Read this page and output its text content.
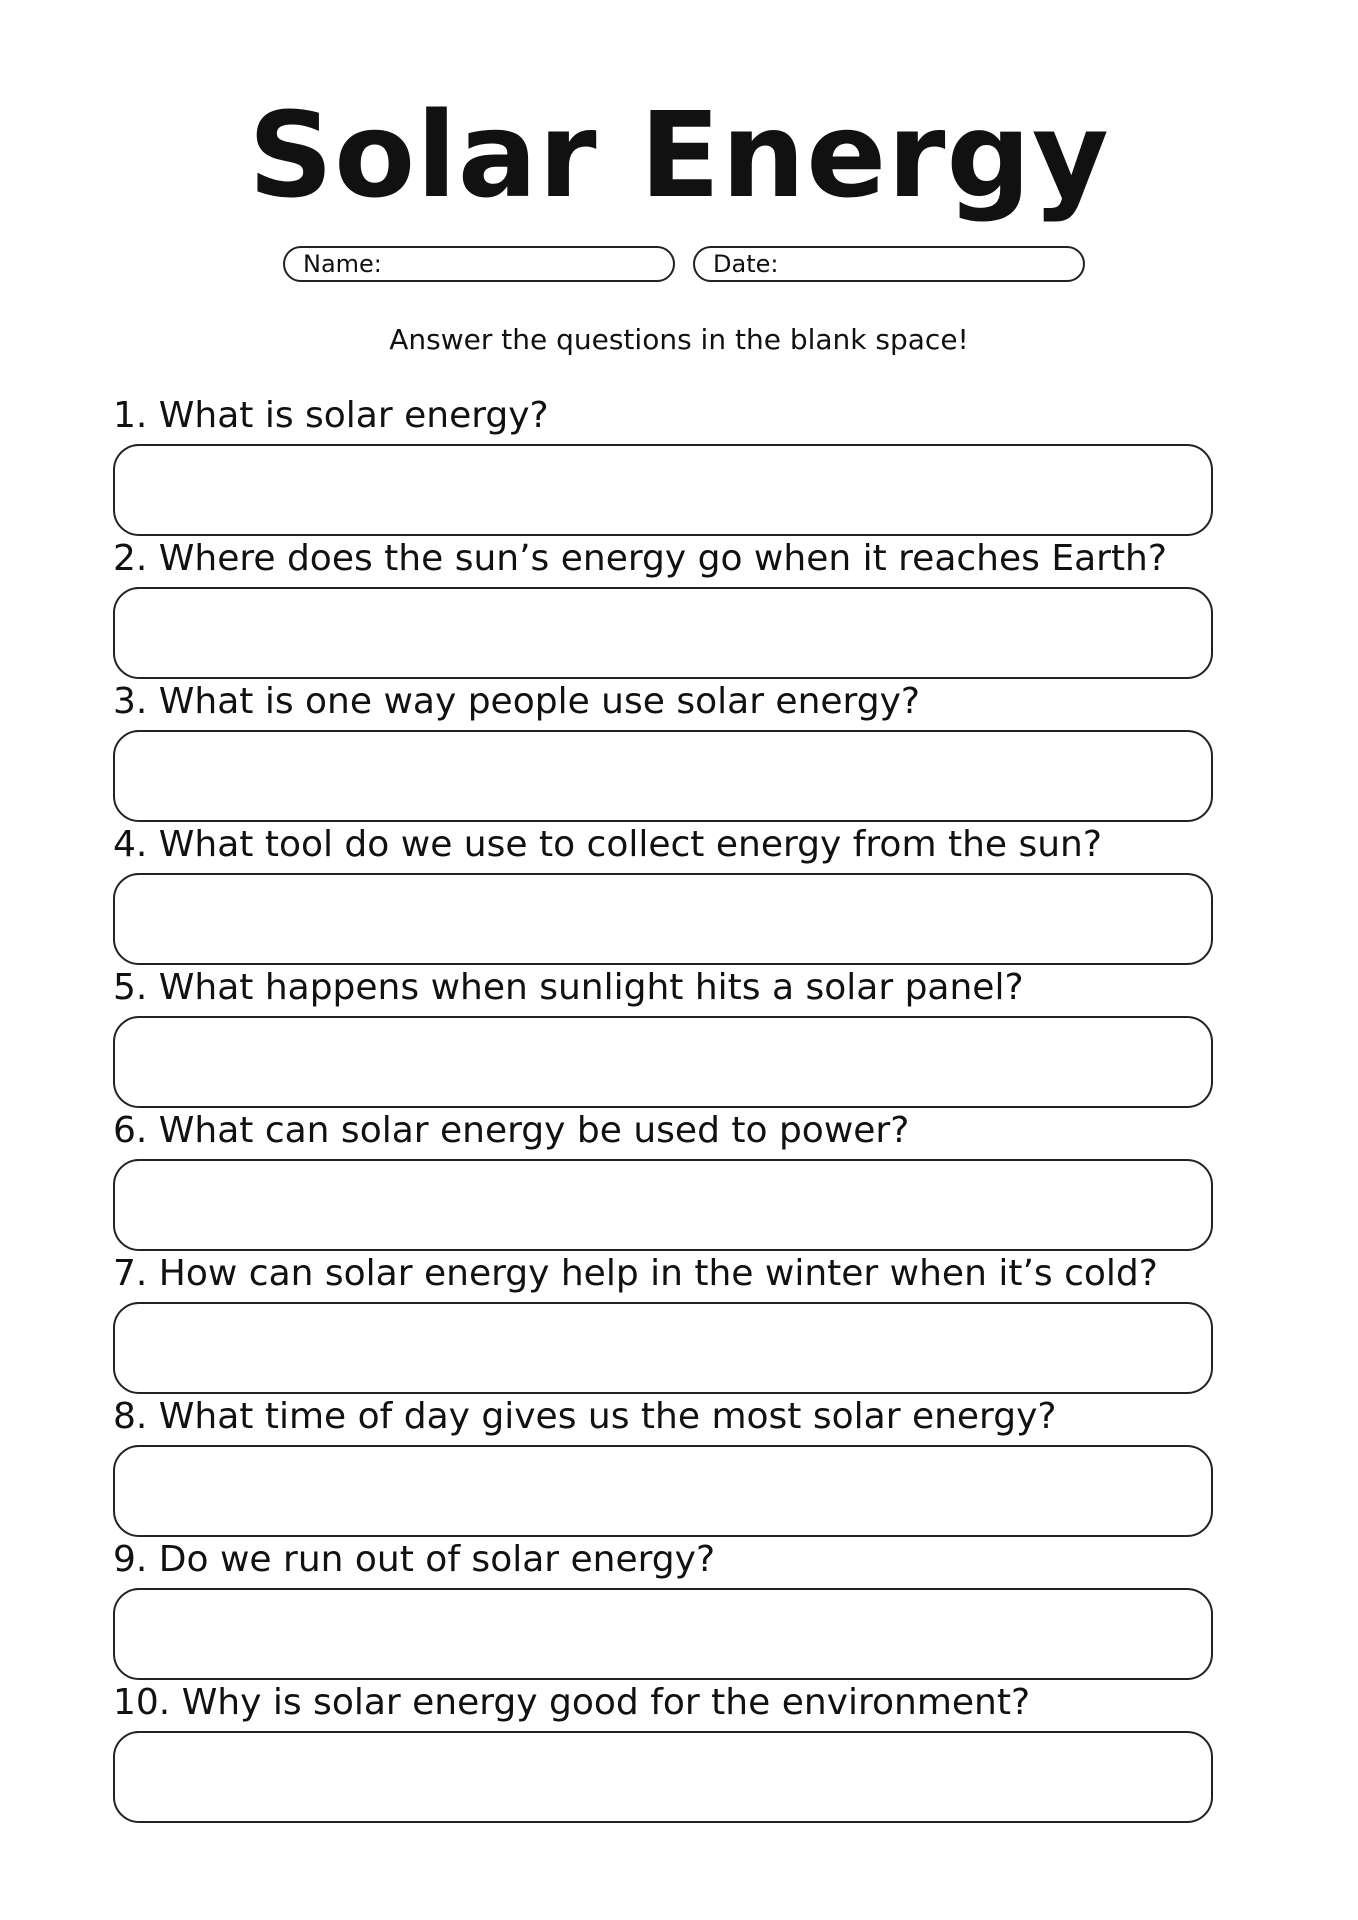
Solar Energy
Name:	Date:

Answer the questions in the blank space!

1. What is solar energy?
2. Where does the sun’s energy go when it reaches Earth?
3. What is one way people use solar energy?
4. What tool do we use to collect energy from the sun?
5. What happens when sunlight hits a solar panel?
6. What can solar energy be used to power?
7. How can solar energy help in the winter when it’s cold?
8. What time of day gives us the most solar energy?
9. Do we run out of solar energy?
10. Why is solar energy good for the environment?
